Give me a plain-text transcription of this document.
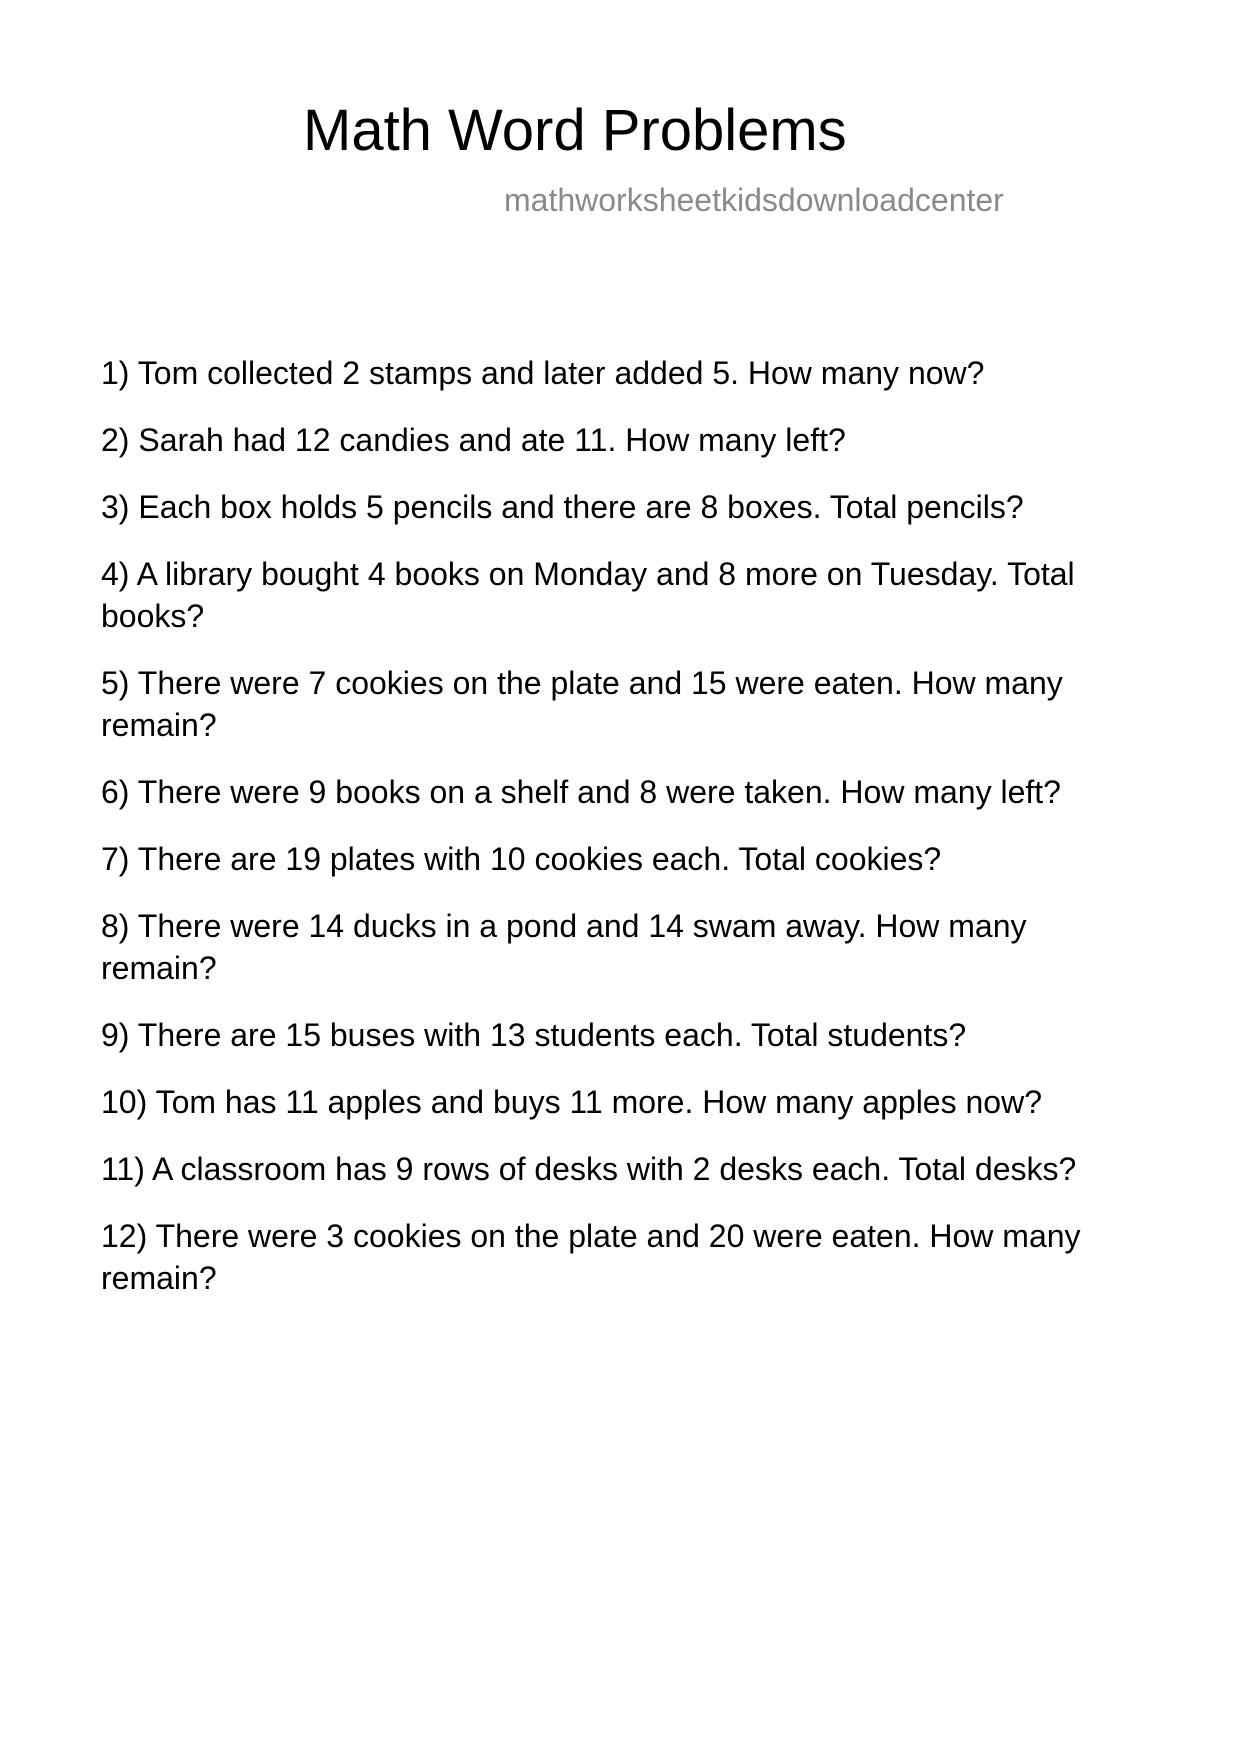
Math Word Problems
mathworksheetkidsdownloadcenter
1) Tom collected 2 stamps and later added 5. How many now?
2) Sarah had 12 candies and ate 11. How many left?
3) Each box holds 5 pencils and there are 8 boxes. Total pencils?
4) A library bought 4 books on Monday and 8 more on Tuesday. Total books?
5) There were 7 cookies on the plate and 15 were eaten. How many remain?
6) There were 9 books on a shelf and 8 were taken. How many left?
7) There are 19 plates with 10 cookies each. Total cookies?
8) There were 14 ducks in a pond and 14 swam away. How many remain?
9) There are 15 buses with 13 students each. Total students?
10) Tom has 11 apples and buys 11 more. How many apples now?
11) A classroom has 9 rows of desks with 2 desks each. Total desks?
12) There were 3 cookies on the plate and 20 were eaten. How many remain?
